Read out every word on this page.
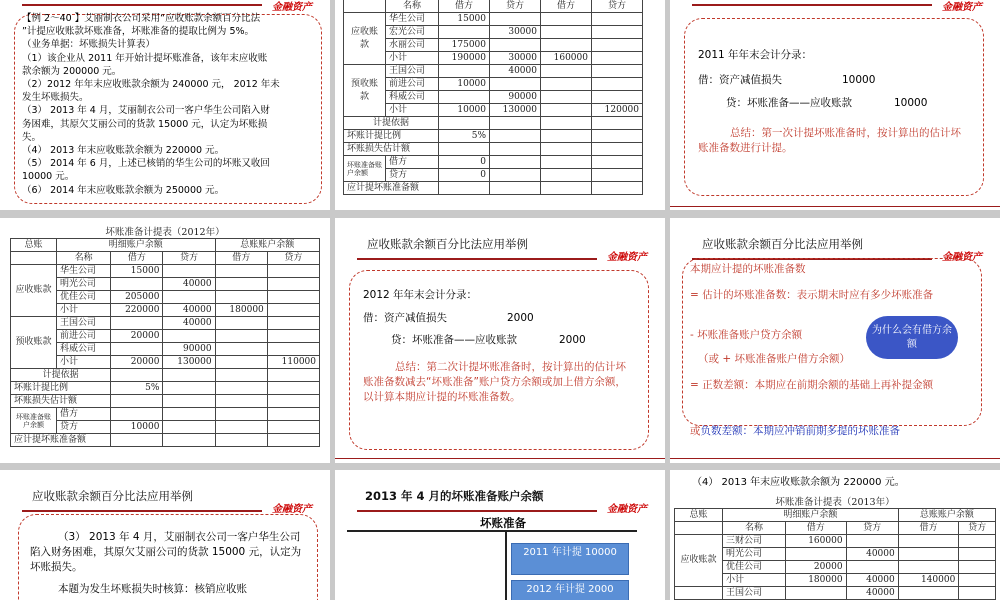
金融资产
【例 2～40 】艾丽制衣公司采用“应收账款余额百分比法
”计提应收账款坏账准备，坏账准备的提取比例为 5%。
（业务单据：坏账损失计算表）
（1）该企业从 2011 年开始计提坏账准备，该年末应收账
款余额为 200000 元。
（2）2012 年年末应收账款余额为 240000 元， 2012 年未
发生坏账损失。
（3） 2013 年 4 月，艾丽制衣公司一客户华生公司陷入财
务困难，其原欠艾丽公司的货款 15000 元，认定为坏账损
失。
（4） 2013 年末应收账款余额为 220000 元。
（5） 2014 年 6 月，上述已核销的华生公司的坏账又收回
10000 元。
（6） 2014 年末应收账款余额为 250000 元。
	名称	借方	贷方	借方	贷方
应收账款	华生公司	15000			
	宏光公司		30000		
	水丽公司	175000			
	小计	190000	30000	160000	
预收账款	王国公司		40000		
	前进公司	10000			
	科威公司		90000		
	小计	10000	130000		120000
计提依据					
坏账计提比例		5%			
坏账损失估计额					
坏账准备账户余额	借方	0			
	贷方	0			
应计提坏账准备额					
金融资产
2011 年年末会计分录：
借：资产减值损失	10000
贷：坏账准备——应收账款	10000
总结：第一次计提坏账准备时，按计算出的估计坏账准备数进行计提。
坏账准备计提表（2012年）
总账	明细账户余额			总账账户余额	
	名称	借方	贷方	借方	贷方
应收账款	华生公司	15000			
	明光公司		40000		
	优佳公司	205000			
	小计	220000	40000	180000	
预收账款	王国公司		40000		
	前进公司	20000			
	科威公司		90000		
	小计	20000	130000		110000
计提依据					
坏账计提比例		5%			
坏账损失估计额					
坏账准备账户余额	借方				
	贷方	10000			
应计提坏账准备额					
应收账款余额百分比法应用举例
金融资产
2012 年年末会计分录：
借：资产减值损失	2000
贷：坏账准备——应收账款	2000
总结：第二次计提坏账准备时，按计算出的估计坏账准备数减去“坏账准备”账户贷方余额或加上借方余额，以计算本期应计提的坏账准备数。
应收账款余额百分比法应用举例
金融资产
本期应计提的坏账准备数
= 估计的坏账准备数：表示期末时应有多少坏账准备
- 坏账准备账户贷方余额
（或 + 坏账准备账户借方余额）
= 正数差额：本期应在前期余额的基础上再补提金额
或负数差额：本期应冲销前期多提的坏账准备
为什么会有借方余额
应收账款余额百分比法应用举例
金融资产
（3） 2013 年 4 月，艾丽制衣公司一客户华生公司陷入财务困难，其原欠艾丽公司的货款 15000 元，认定为坏账损失。
本题为发生坏账损失时核算：核销应收账
2013 年 4 月的坏账准备账户余额
金融资产
坏账准备
2011 年计提 10000
2012 年计提 2000
（4） 2013 年末应收账款余额为 220000 元。
坏账准备计提表（2013年）
总账	明细账户余额			总账账户余额	
	名称	借方	贷方	借方	贷方
应收账款	三财公司	160000			
	明光公司		40000		
	优佳公司	20000			
	小计	180000	40000	140000	
	王国公司		40000		
